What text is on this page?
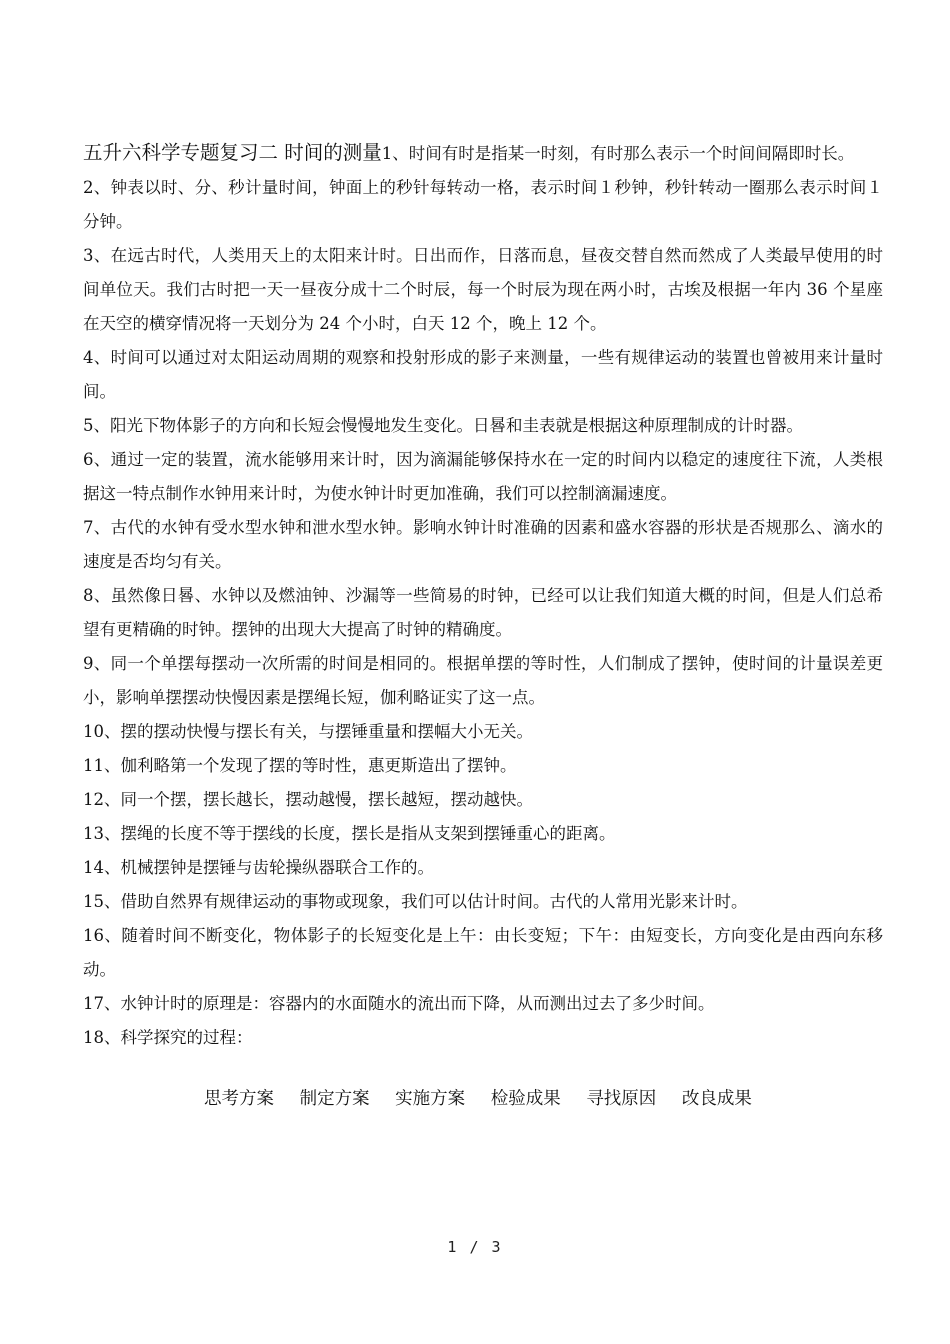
五升六科学专题复习二 时间的测量1、时间有时是指某一时刻，有时那么表示一个时间间隔即时长。

2、钟表以时、分、秒计量时间，钟面上的秒针每转动一格，表示时间１秒钟，秒针转动一圈那么表示时间１分钟。

3、在远古时代，人类用天上的太阳来计时。日出而作，日落而息，昼夜交替自然而然成了人类最早使用的时间单位天。我们古时把一天一昼夜分成十二个时辰，每一个时辰为现在两小时，古埃及根据一年内 36 个星座在天空的横穿情况将一天划分为 24 个小时，白天 12 个，晚上 12 个。

4、时间可以通过对太阳运动周期的观察和投射形成的影子来测量，一些有规律运动的装置也曾被用来计量时间。

5、阳光下物体影子的方向和长短会慢慢地发生变化。日晷和圭表就是根据这种原理制成的计时器。

6、通过一定的装置，流水能够用来计时，因为滴漏能够保持水在一定的时间内以稳定的速度往下流，人类根据这一特点制作水钟用来计时，为使水钟计时更加准确，我们可以控制滴漏速度。

7、古代的水钟有受水型水钟和泄水型水钟。影响水钟计时准确的因素和盛水容器的形状是否规那么、滴水的速度是否均匀有关。

8、虽然像日晷、水钟以及燃油钟、沙漏等一些简易的时钟，已经可以让我们知道大概的时间，但是人们总希望有更精确的时钟。摆钟的出现大大提高了时钟的精确度。

9、同一个单摆每摆动一次所需的时间是相同的。根据单摆的等时性，人们制成了摆钟，使时间的计量误差更小，影响单摆摆动快慢因素是摆绳长短，伽利略证实了这一点。

10、摆的摆动快慢与摆长有关，与摆锤重量和摆幅大小无关。

11、伽利略第一个发现了摆的等时性，惠更斯造出了摆钟。

12、同一个摆，摆长越长，摆动越慢，摆长越短，摆动越快。

13、摆绳的长度不等于摆线的长度，摆长是指从支架到摆锤重心的距离。

14、机械摆钟是摆锤与齿轮操纵器联合工作的。

15、借助自然界有规律运动的事物或现象，我们可以估计时间。古代的人常用光影来计时。

16、随着时间不断变化，物体影子的长短变化是上午：由长变短；下午：由短变长，方向变化是由西向东移动。

17、水钟计时的原理是：容器内的水面随水的流出而下降，从而测出过去了多少时间。

18、科学探究的过程：

思考方案 制定方案 实施方案 检验成果 寻找原因 改良成果
1 / 3
